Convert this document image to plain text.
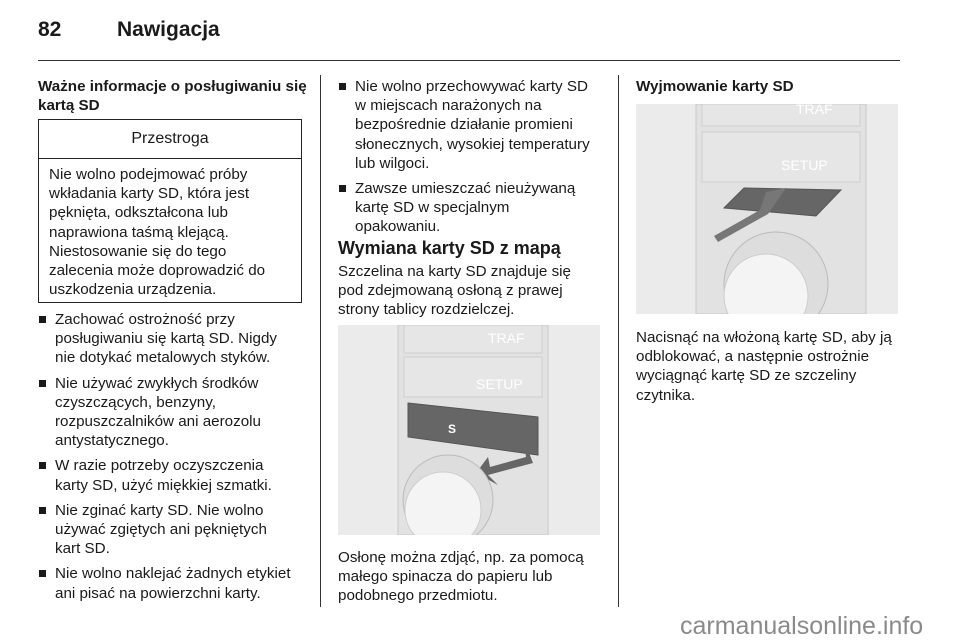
82	Nawigacja
Ważne informacje o posługiwaniu się
kartą SD
Przestroga
Nie wolno podejmować próby
wkładania karty SD, która jest
pęknięta, odkształcona lub
naprawiona taśmą klejącą.
Niestosowanie się do tego
zalecenia może doprowadzić do
uszkodzenia urządzenia.
Zachować ostrożność przy
posługiwaniu się kartą SD. Nigdy
nie dotykać metalowych styków.
Nie używać zwykłych środków
czyszczących, benzyny,
rozpuszczalników ani aerozolu
antystatycznego.
W razie potrzeby oczyszczenia
karty SD, użyć miękkiej szmatki.
Nie zginać karty SD. Nie wolno
używać zgiętych ani pękniętych
kart SD.
Nie wolno naklejać żadnych etykiet
ani pisać na powierzchni karty.
Nie wolno przechowywać karty SD
w miejscach narażonych na
bezpośrednie działanie promieni
słonecznych, wysokiej temperatury
lub wilgoci.
Zawsze umieszczać nieużywaną
kartę SD w specjalnym
opakowaniu.
Wymiana karty SD z mapą
Szczelina na karty SD znajduje się
pod zdejmowaną osłoną z prawej
strony tablicy rozdzielczej.
TRAF
SETUP
S
Osłonę można zdjąć, np. za pomocą
małego spinacza do papieru lub
podobnego przedmiotu.
Wyjmowanie karty SD
TRAF
SETUP
Nacisnąć na włożoną kartę SD, aby ją
odblokować, a następnie ostrożnie
wyciągnąć kartę SD ze szczeliny
czytnika.
carmanualsonline.info
